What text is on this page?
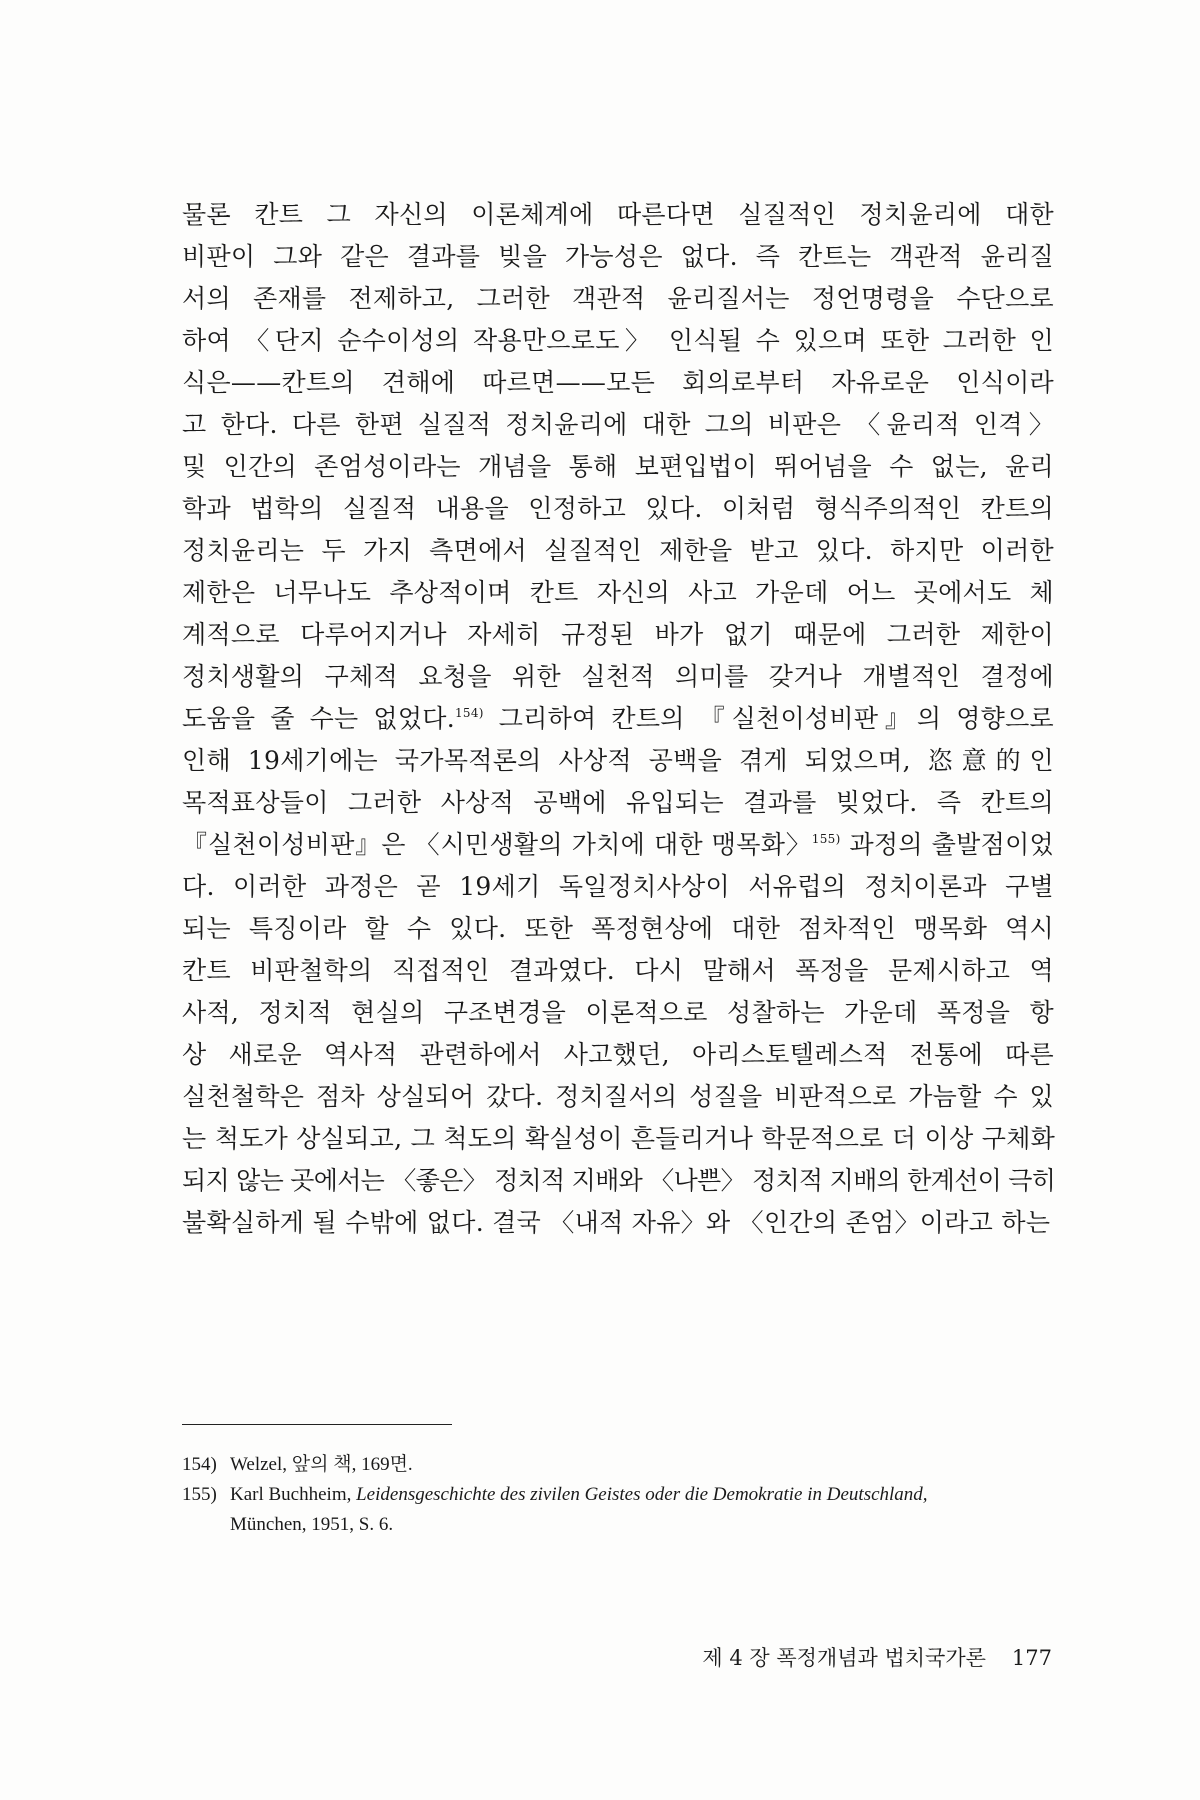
물론 칸트 그 자신의 이론체계에 따른다면 실질적인 정치윤리에 대한
비판이 그와 같은 결과를 빚을 가능성은 없다. 즉 칸트는 객관적 윤리질
서의 존재를 전제하고, 그러한 객관적 윤리질서는 정언명령을 수단으로
하여 〈단지 순수이성의 작용만으로도〉 인식될 수 있으며 또한 그러한 인
식은——칸트의 견해에 따르면——모든 회의로부터 자유로운 인식이라
고 한다. 다른 한편 실질적 정치윤리에 대한 그의 비판은 〈윤리적 인격〉
및 인간의 존엄성이라는 개념을 통해 보편입법이 뛰어넘을 수 없는, 윤리
학과 법학의 실질적 내용을 인정하고 있다. 이처럼 형식주의적인 칸트의
정치윤리는 두 가지 측면에서 실질적인 제한을 받고 있다. 하지만 이러한
제한은 너무나도 추상적이며 칸트 자신의 사고 가운데 어느 곳에서도 체
계적으로 다루어지거나 자세히 규정된 바가 없기 때문에 그러한 제한이
정치생활의 구체적 요청을 위한 실천적 의미를 갖거나 개별적인 결정에
도움을 줄 수는 없었다.$^{154)}$ 그리하여 칸트의 『실천이성비판』의 영향으로
인해 19세기에는 국가목적론의 사상적 공백을 겪게 되었으며, 恣意的인
목적표상들이 그러한 사상적 공백에 유입되는 결과를 빚었다. 즉 칸트의
『실천이성비판』은 〈시민생활의 가치에 대한 맹목화〉$^{155)}$ 과정의 출발점이었
다. 이러한 과정은 곧 19세기 독일정치사상이 서유럽의 정치이론과 구별
되는 특징이라 할 수 있다. 또한 폭정현상에 대한 점차적인 맹목화 역시
칸트 비판철학의 직접적인 결과였다. 다시 말해서 폭정을 문제시하고 역
사적, 정치적 현실의 구조변경을 이론적으로 성찰하는 가운데 폭정을 항
상 새로운 역사적 관련하에서 사고했던, 아리스토텔레스적 전통에 따른
실천철학은 점차 상실되어 갔다. 정치질서의 성질을 비판적으로 가늠할 수 있
는 척도가 상실되고, 그 척도의 확실성이 흔들리거나 학문적으로 더 이상 구체화
되지 않는 곳에서는 〈좋은〉 정치적 지배와 〈나쁜〉 정치적 지배의 한계선이 극히
불확실하게 될 수밖에 없다. 결국 〈내적 자유〉와 〈인간의 존엄〉이라고 하는
154) Welzel, 앞의 책, 169면.
155) Karl Buchheim, Leidensgeschichte des zivilen Geistes oder die Demokratie in Deutschland,
München, 1951, S. 6.
제 4 장 폭정개념과 법치국가론 177
